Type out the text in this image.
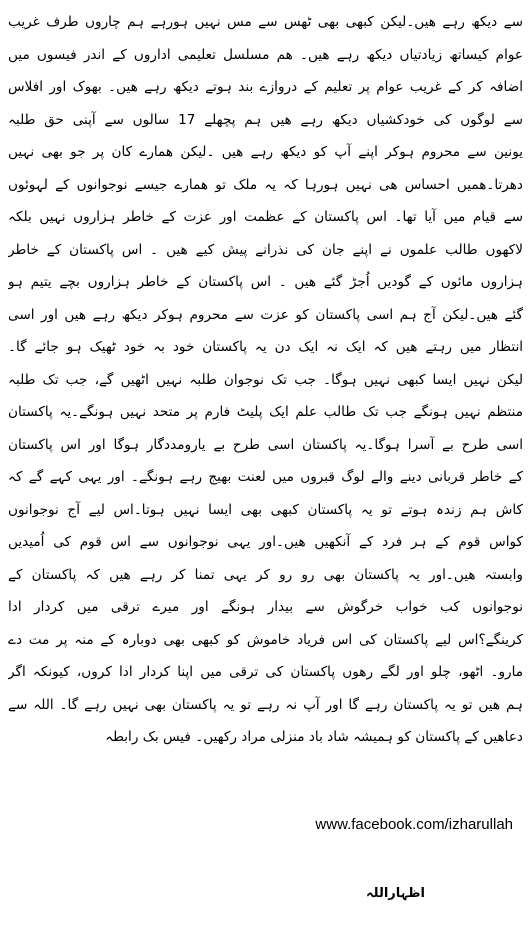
سے دیکھ رہے ھیں۔لیکن کبھی بھی ٹھس سے مس نہیں ہورہے ہم چاروں طرف غریب
عوام کیساتھ زیادتیاں دیکھ رہے ھیں۔ ھم مسلسل تعلیمی اداروں کے اندر فیسوں میں
اضافہ کر کے غریب عوام پر تعلیم کے دروازے بند ہوتے دیکھ رہے ھیں۔ بھوک اور افلاس
سے لوگوں کی خودکشیاں دیکھ رہے ھیں ہم پچھلے 17 سالوں سے آپنی حق طلبہ
یونین سے محروم ہوکر اپنے آپ کو دیکھ رہے ھیں ۔لیکن ھمارے کان پر جو بھی نہیں
دھرتا۔ھمیں احساس ھی نہیں ہورہا کہ یہ ملک تو ھمارے جیسے نوجوانوں کے لہوئوں
سے قیام میں آیا تھا۔ اس پاکستان کے عظمت اور عزت کے خاطر ہزاروں نہیں بلکہ
لاکھوں طالب علموں نے اپنے جان کی نذرانے پیش کیے ھیں ۔ اس پاکستان کے خاطر
ہزاروں مائوں کے گودیں اُجڑ گئے ھیں ۔ اس پاکستان کے خاطر ہزاروں بچے یتیم ہو
گئے ھیں۔لیکن آج ہم اسی پاکستان کو عزت سے محروم ہوکر دیکھ رہے ھیں اور اسی
انتظار میں رہتے ھیں کہ ایک نہ ایک دن یہ پاکستان خود بہ خود ٹھیک ہو جائے گا۔
لیکن نہیں ایسا کبھی نہیں ہوگا۔ جب تک نوجوان طلبہ نہیں اٹھیں گے، جب تک طلبہ
منتظم نہیں ہونگے جب تک طالب علم ایک پلیٹ فارم پر متحد نہیں ہونگے۔یہ پاکستان
اسی طرح بے آسرا ہوگا۔یہ پاکستان اسی طرح بے یارومددگار ہوگا اور اس پاکستان
کے خاطر قربانی دینے والے لوگ قبروں میں لعنت بھیج رہے ہونگے۔ اور یہی کہے گے کہ
کاش ہم زندہ ہوتے تو یہ پاکستان کبھی بھی ایسا نہیں ہوتا۔اس لیے آج نوجوانوں
کواس قوم کے ہر فرد کے آنکھیں ھیں۔اور یہی نوجوانوں سے اس قوم کی اُمیدیں
وابستہ ھیں۔اور یہ پاکستان بھی رو رو کر یہی تمنا کر رہے ھیں کہ پاکستان کے
نوجوانوں کب خواب خرگوش سے بیدار ہونگے اور میرے ترقی میں کردار ادا
کرینگے؟اس لیے پاکستان کی اس فریاد خاموش کو کبھی بھی دوبارہ کے منہ پر مت دے
مارو۔ اٹھو، چلو اور لگے رھوں پاکستان کی ترقی میں اپنا کردار ادا کروں، کیونکہ اگر
ہم ھیں تو یہ پاکستان رہے گا اور آپ نہ رہے تو یہ پاکستان بھی نہیں رہے گا۔ اللہ سے
دعاھیں کے پاکستان کو ہمیشہ شاد باد منزلی مراد رکھیں۔ فیس بک رابطہ
www.facebook.com/izharullah
اظہاراللہ
